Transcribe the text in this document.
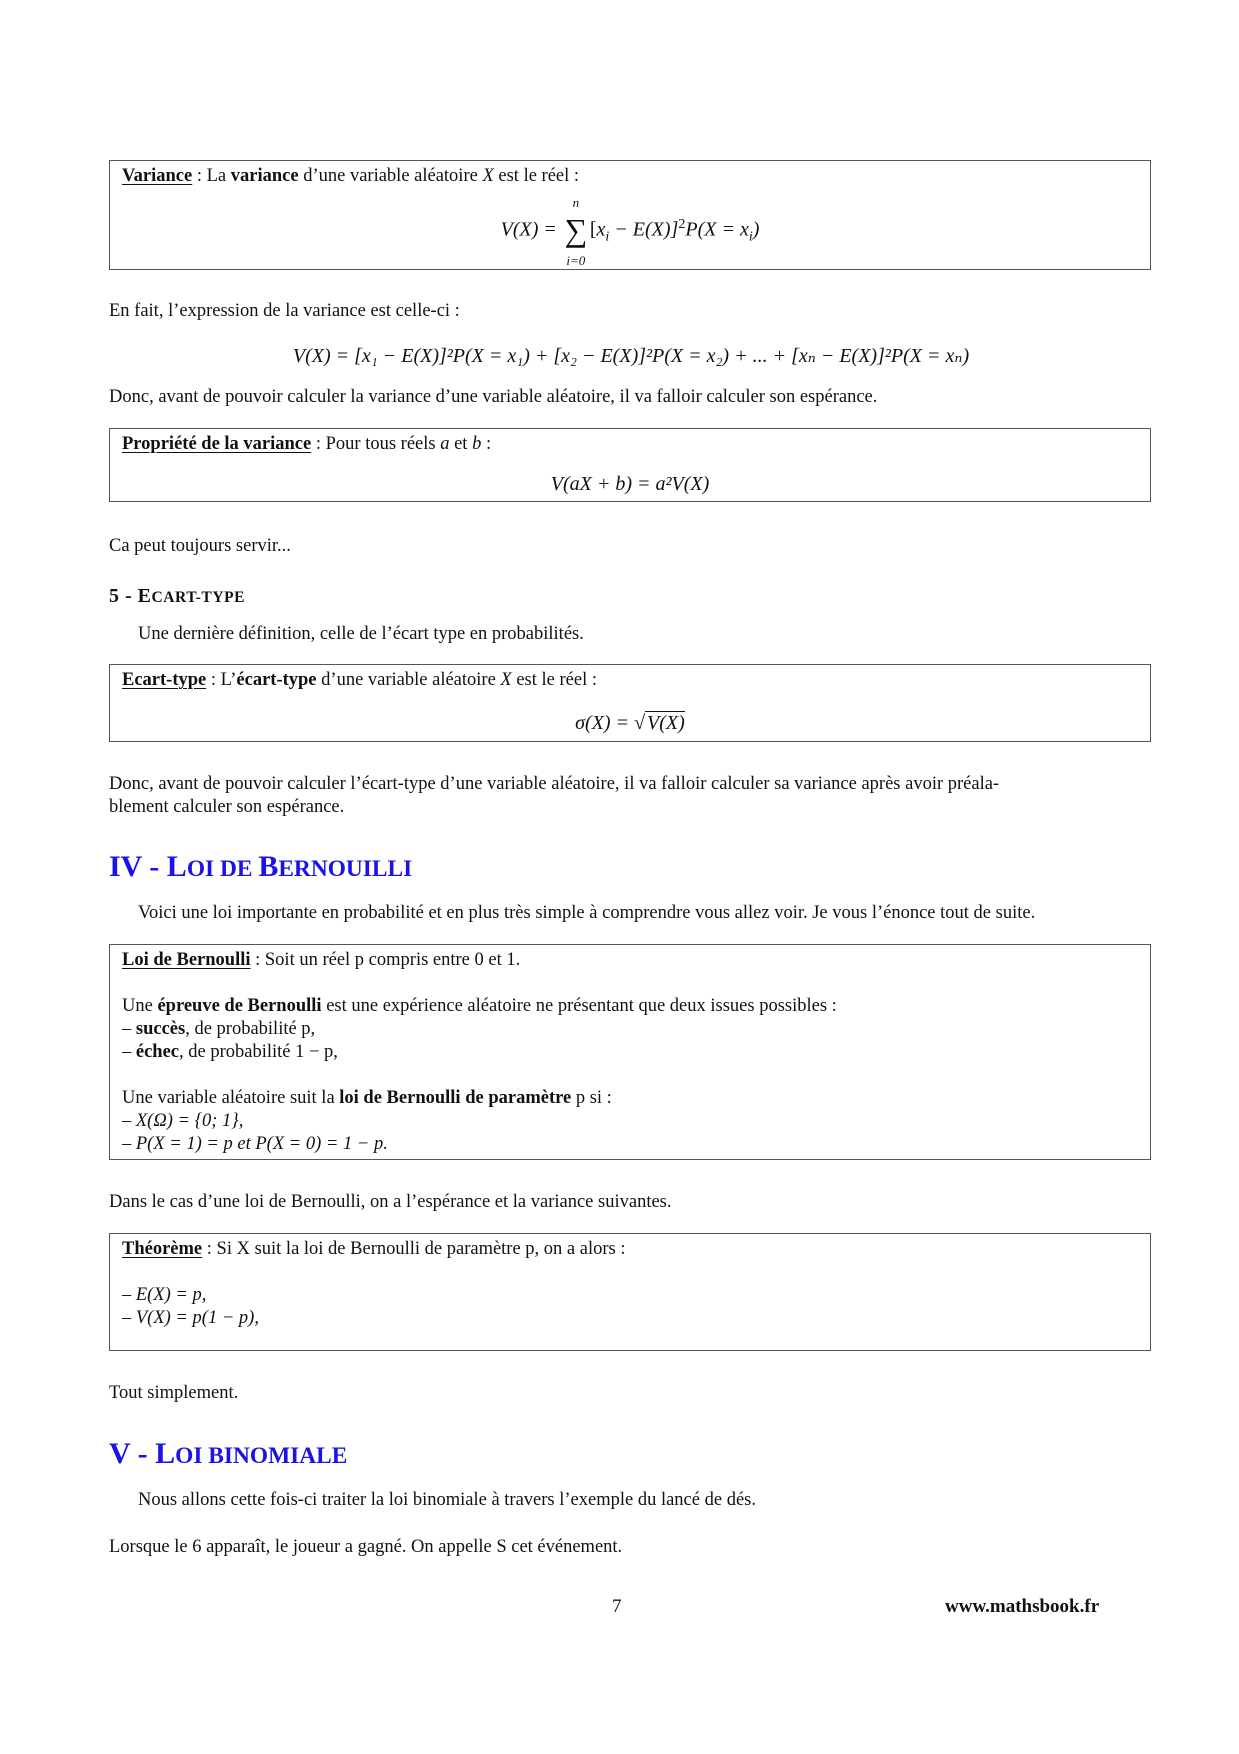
Variance : La variance d’une variable aléatoire X est le réel :
V(X) =
n
∑
i=0
$[x_i - E(X)]^2P(X = x_i)$
En fait, l’expression de la variance est celle-ci :
V(X) = [x₁ − E(X)]²P(X = x₁) + [x₂ − E(X)]²P(X = x₂) + ... + [xₙ − E(X)]²P(X = xₙ)
Donc, avant de pouvoir calculer la variance d’une variable aléatoire, il va falloir calculer son espérance.
Propriété de la variance : Pour tous réels a et b :
V(aX + b) = a²V(X)
Ca peut toujours servir...
5 - ECART-TYPE
Une dernière définition, celle de l’écart type en probabilités.
Ecart-type : L’écart-type d’une variable aléatoire X est le réel :
σ(X) = √ V(X)
Donc, avant de pouvoir calculer l’écart-type d’une variable aléatoire, il va falloir calculer sa variance après avoir préala-
blement calculer son espérance.
IV - LOI DE BERNOUILLI
Voici une loi importante en probabilité et en plus très simple à comprendre vous allez voir. Je vous l’énonce tout de suite.
Loi de Bernoulli : Soit un réel p compris entre 0 et 1.
Une épreuve de Bernoulli est une expérience aléatoire ne présentant que deux issues possibles :
– succès, de probabilité p,
– échec, de probabilité 1 − p,
Une variable aléatoire suit la loi de Bernoulli de paramètre p si :
– X(Ω) = {0; 1},
– P(X = 1) = p et P(X = 0) = 1 − p.
Dans le cas d’une loi de Bernoulli, on a l’espérance et la variance suivantes.
Théorème : Si X suit la loi de Bernoulli de paramètre p, on a alors :
– E(X) = p,
– V(X) = p(1 − p),
Tout simplement.
V - LOI BINOMIALE
Nous allons cette fois-ci traiter la loi binomiale à travers l’exemple du lancé de dés.
Lorsque le 6 apparaît, le joueur a gagné. On appelle S cet événement.
7	www.mathsbook.fr
